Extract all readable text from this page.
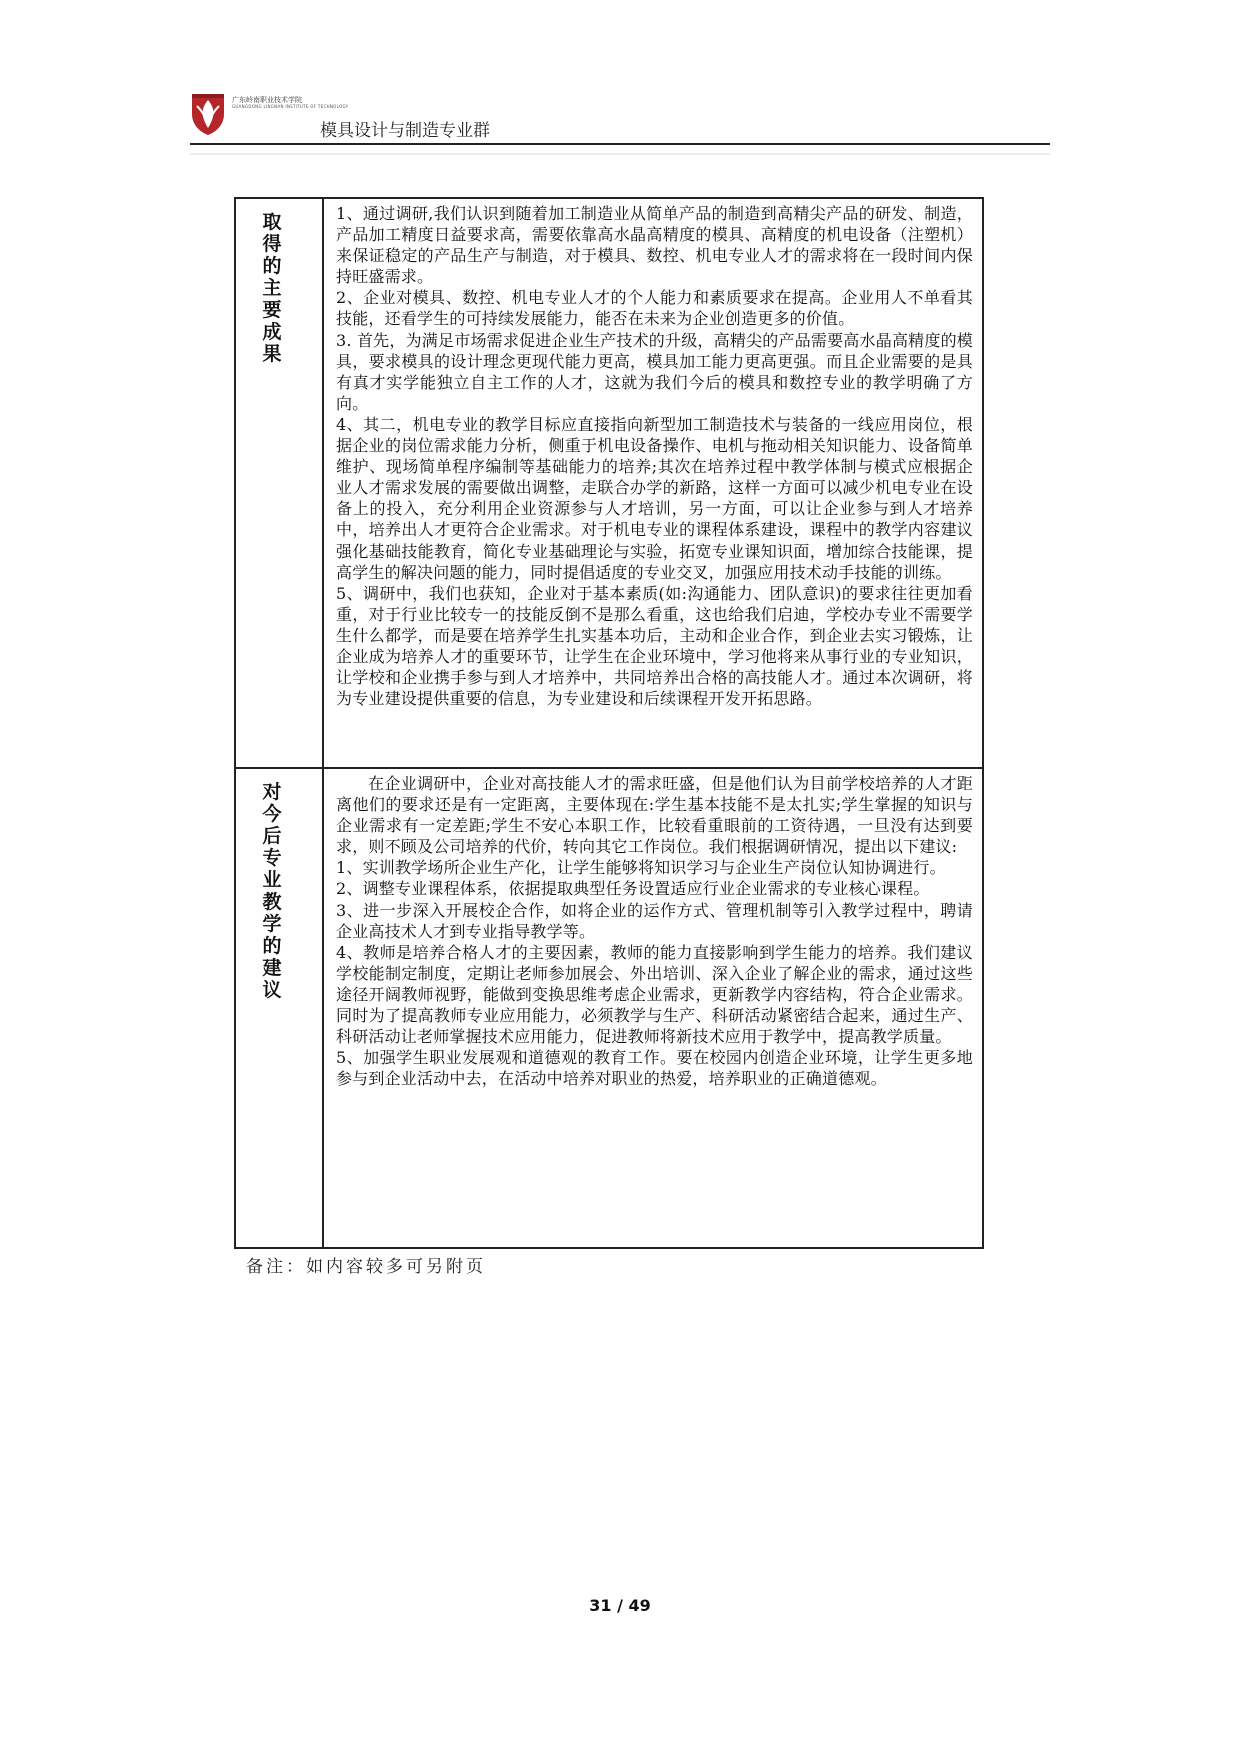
广东岭南职业技术学院
GUANGDONG LINGNAN INSTITUTE OF TECHNOLOGY
模具设计与制造专业群
取得的主要成果

1、通过调研,我们认识到随着加工制造业从简单产品的制造到高精尖产品的研发、制造，产品加工精度日益要求高，需要依靠高水晶高精度的模具、高精度的机电设备（注塑机）来保证稳定的产品生产与制造，对于模具、数控、机电专业人才的需求将在一段时间内保持旺盛需求。

2、企业对模具、数控、机电专业人才的个人能力和素质要求在提高。企业用人不单看其技能，还看学生的可持续发展能力，能否在未来为企业创造更多的价值。

3. 首先，为满足市场需求促进企业生产技术的升级，高精尖的产品需要高水晶高精度的模具，要求模具的设计理念更现代能力更高，模具加工能力更高更强。而且企业需要的是具有真才实学能独立自主工作的人才，这就为我们今后的模具和数控专业的教学明确了方向。

4、其二，机电专业的教学目标应直接指向新型加工制造技术与装备的一线应用岗位，根据企业的岗位需求能力分析，侧重于机电设备操作、电机与拖动相关知识能力、设备简单维护、现场简单程序编制等基础能力的培养;其次在培养过程中教学体制与模式应根据企业人才需求发展的需要做出调整，走联合办学的新路，这样一方面可以减少机电专业在设备上的投入，充分利用企业资源参与人才培训，另一方面，可以让企业参与到人才培养中，培养出人才更符合企业需求。对于机电专业的课程体系建设，课程中的教学内容建议强化基础技能教育，简化专业基础理论与实验，拓宽专业课知识面，增加综合技能课，提高学生的解决问题的能力，同时提倡适度的专业交叉，加强应用技术动手技能的训练。

5、调研中，我们也获知，企业对于基本素质(如:沟通能力、团队意识)的要求往往更加看重，对于行业比较专一的技能反倒不是那么看重，这也给我们启迪，学校办专业不需要学生什么都学，而是要在培养学生扎实基本功后，主动和企业合作，到企业去实习锻炼，让企业成为培养人才的重要环节，让学生在企业环境中，学习他将来从事行业的专业知识，让学校和企业携手参与到人才培养中，共同培养出合格的高技能人才。通过本次调研，将为专业建设提供重要的信息，为专业建设和后续课程开发开拓思路。

对今后专业教学的建议

在企业调研中，企业对高技能人才的需求旺盛，但是他们认为目前学校培养的人才距离他们的要求还是有一定距离，主要体现在:学生基本技能不是太扎实;学生掌握的知识与企业需求有一定差距;学生不安心本职工作，比较看重眼前的工资待遇，一旦没有达到要求，则不顾及公司培养的代价，转向其它工作岗位。我们根据调研情况，提出以下建议:

1、实训教学场所企业生产化，让学生能够将知识学习与企业生产岗位认知协调进行。

2、调整专业课程体系，依据提取典型任务设置适应行业企业需求的专业核心课程。

3、进一步深入开展校企合作，如将企业的运作方式、管理机制等引入教学过程中，聘请企业高技术人才到专业指导教学等。

4、教师是培养合格人才的主要因素，教师的能力直接影响到学生能力的培养。我们建议学校能制定制度，定期让老师参加展会、外出培训、深入企业了解企业的需求，通过这些途径开阔教师视野，能做到变换思维考虑企业需求，更新教学内容结构，符合企业需求。同时为了提高教师专业应用能力，必须教学与生产、科研活动紧密结合起来，通过生产、科研活动让老师掌握技术应用能力，促进教师将新技术应用于教学中，提高教学质量。

5、加强学生职业发展观和道德观的教育工作。要在校园内创造企业环境，让学生更多地参与到企业活动中去，在活动中培养对职业的热爱，培养职业的正确道德观。

备注：如内容较多可另附页
31 / 49
